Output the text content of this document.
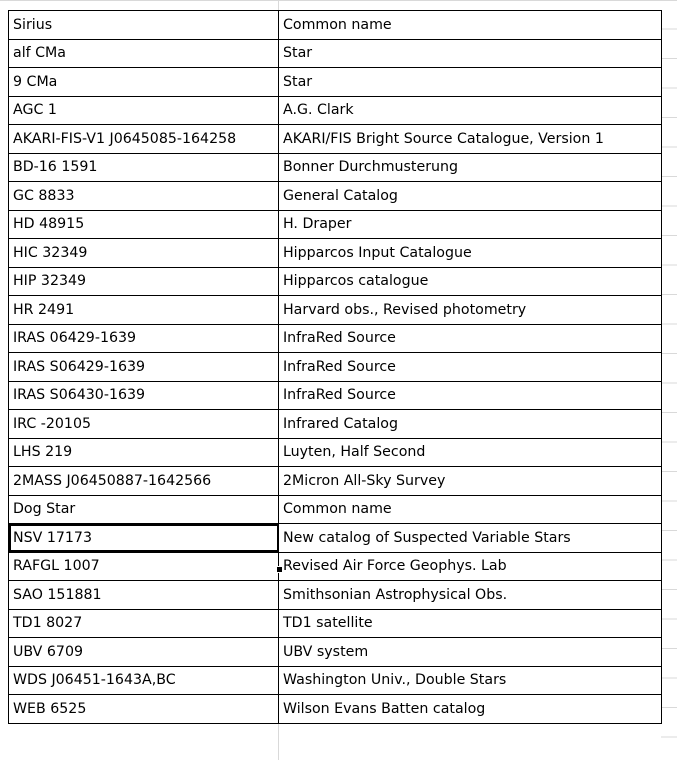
Sirius	Common name
alf CMa	Star
9 CMa	Star
AGC 1	A.G. Clark
AKARI-FIS-V1 J0645085-164258	AKARI/FIS Bright Source Catalogue, Version 1
BD-16 1591	Bonner Durchmusterung
GC 8833	General Catalog
HD 48915	H. Draper
HIC 32349	Hipparcos Input Catalogue
HIP 32349	Hipparcos catalogue
HR 2491	Harvard obs., Revised photometry
IRAS 06429-1639	InfraRed Source
IRAS S06429-1639	InfraRed Source
IRAS S06430-1639	InfraRed Source
IRC -20105	Infrared Catalog
LHS 219	Luyten, Half Second
2MASS J06450887-1642566	2Micron All-Sky Survey
Dog Star	Common name
NSV 17173	New catalog of Suspected Variable Stars
RAFGL 1007	Revised Air Force Geophys. Lab
SAO 151881	Smithsonian Astrophysical Obs.
TD1 8027	TD1 satellite
UBV 6709	UBV system
WDS J06451-1643A,BC	Washington Univ., Double Stars
WEB 6525	Wilson Evans Batten catalog
